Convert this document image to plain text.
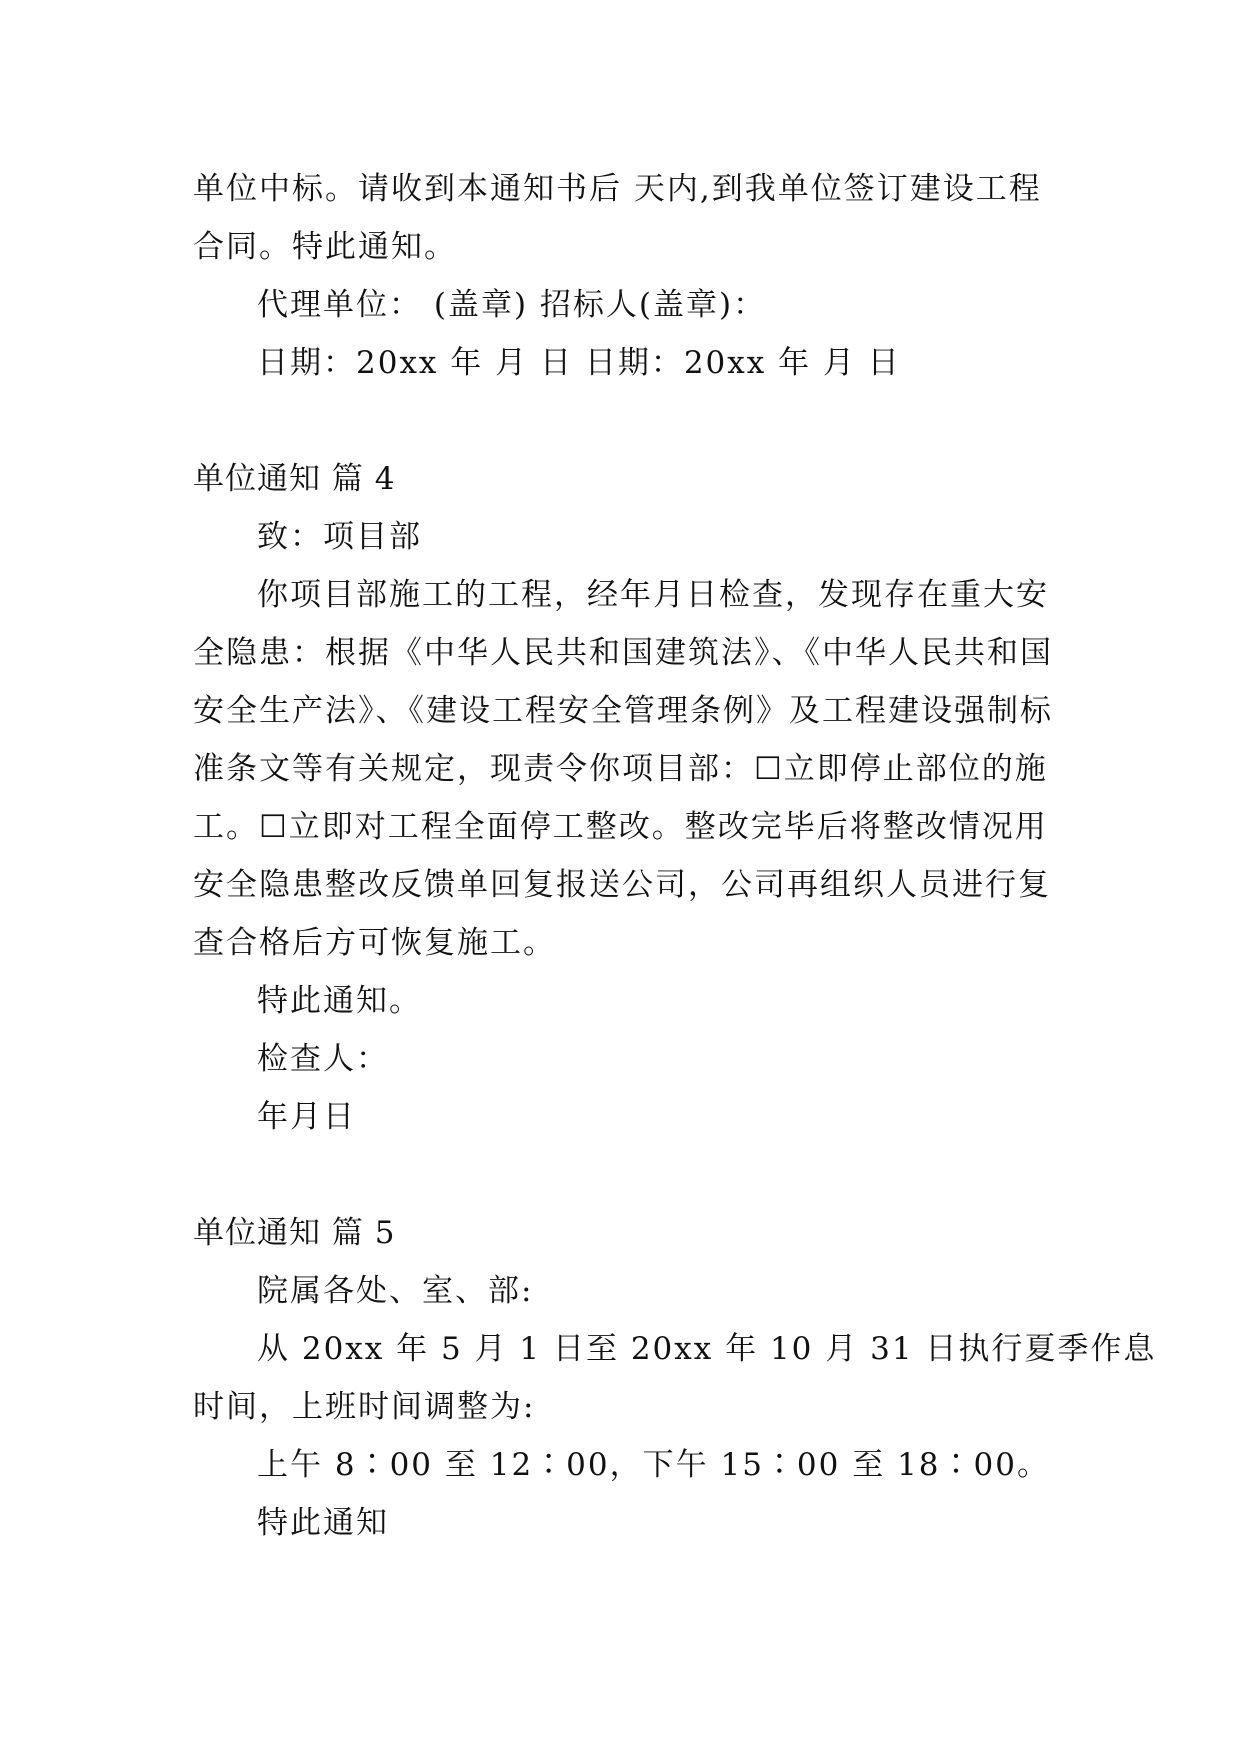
单位中标。请收到本通知书后 天内,到我单位签订建设工程
合同。特此通知。
代理单位： (盖章) 招标人(盖章)：
日期：20xx 年 月 日 日期：20xx 年 月 日
单位通知 篇 4
致：项目部
你项目部施工的工程，经年月日检查，发现存在重大安
全隐患：根据《中华人民共和国建筑法》、《中华人民共和国
安全生产法》、《建设工程安全管理条例》及工程建设强制标
准条文等有关规定，现责令你项目部：☐立即停止部位的施
工。☐立即对工程全面停工整改。整改完毕后将整改情况用
安全隐患整改反馈单回复报送公司，公司再组织人员进行复
查合格后方可恢复施工。
特此通知。
检查人：
年月日
单位通知 篇 5
院属各处、室、部:
从 20xx 年 5 月 1 日至 20xx 年 10 月 31 日执行夏季作息
时间，上班时间调整为:
上午 8∶00 至 12∶00，下午 15∶00 至 18∶00。
特此通知
